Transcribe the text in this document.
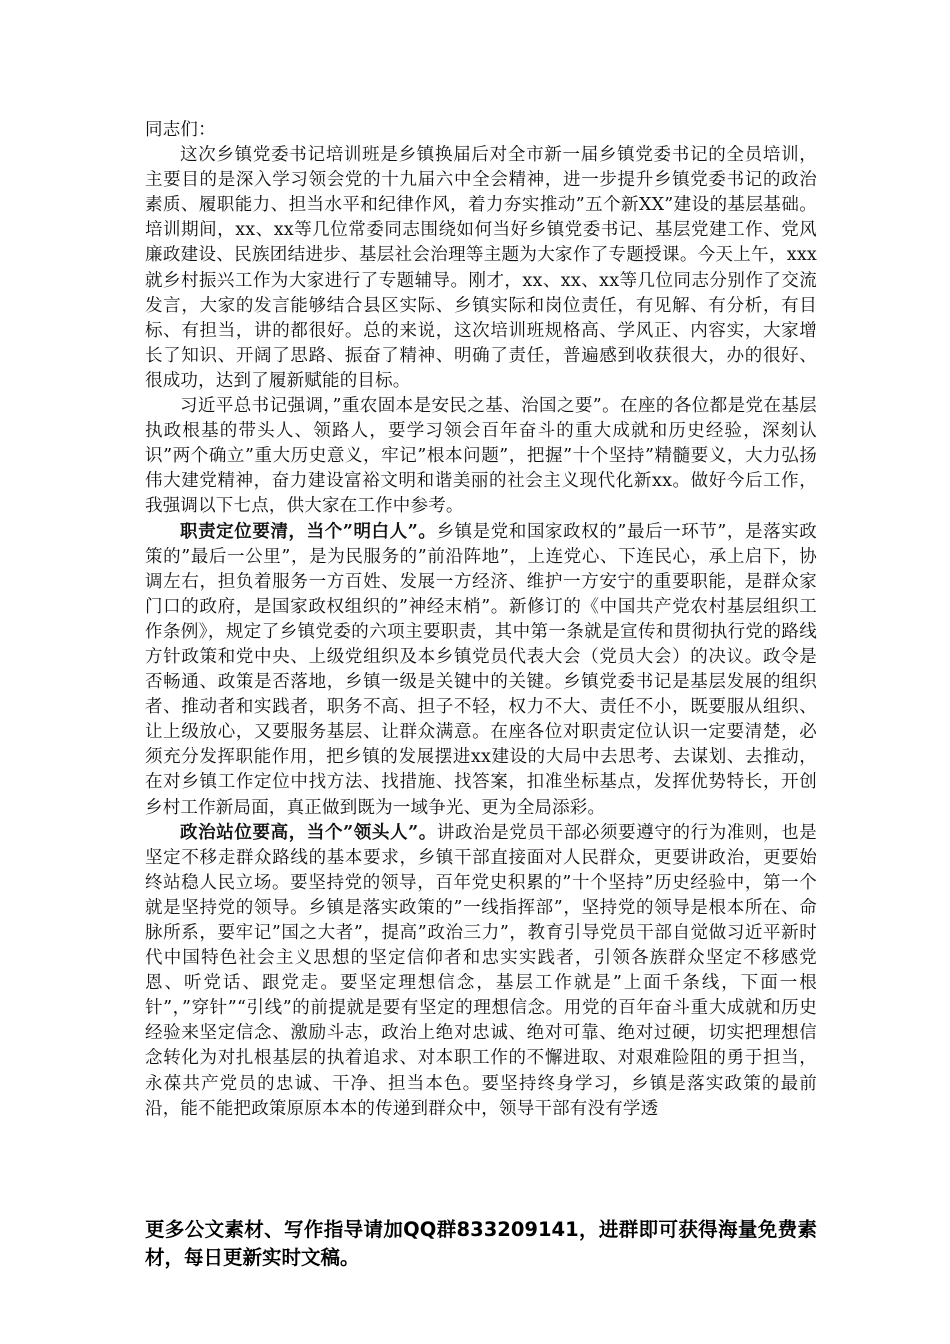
同志们：

这次乡镇党委书记培训班是乡镇换届后对全市新一届乡镇党委书记的全员培训，主要目的是深入学习领会党的十九届六中全会精神，进一步提升乡镇党委书记的政治素质、履职能力、担当水平和纪律作风，着力夯实推动”五个新XX”建设的基层基础。培训期间，xx、xx等几位常委同志围绕如何当好乡镇党委书记、基层党建工作、党风廉政建设、民族团结进步、基层社会治理等主题为大家作了专题授课。今天上午，xxx就乡村振兴工作为大家进行了专题辅导。刚才，xx、xx、xx等几位同志分别作了交流发言，大家的发言能够结合县区实际、乡镇实际和岗位责任，有见解、有分析，有目标、有担当，讲的都很好。总的来说，这次培训班规格高、学风正、内容实，大家增长了知识、开阔了思路、振奋了精神、明确了责任，普遍感到收获很大，办的很好、很成功，达到了履新赋能的目标。

习近平总书记强调，”重农固本是安民之基、治国之要”。在座的各位都是党在基层执政根基的带头人、领路人，要学习领会百年奋斗的重大成就和历史经验，深刻认识”两个确立”重大历史意义，牢记”根本问题”，把握”十个坚持”精髓要义，大力弘扬伟大建党精神，奋力建设富裕文明和谐美丽的社会主义现代化新xx。做好今后工作，我强调以下七点，供大家在工作中参考。

职责定位要清，当个”明白人”。乡镇是党和国家政权的”最后一环节”，是落实政策的”最后一公里”，是为民服务的”前沿阵地”，上连党心、下连民心，承上启下，协调左右，担负着服务一方百姓、发展一方经济、维护一方安宁的重要职能，是群众家门口的政府，是国家政权组织的”神经末梢”。新修订的《中国共产党农村基层组织工作条例》，规定了乡镇党委的六项主要职责，其中第一条就是宣传和贯彻执行党的路线方针政策和党中央、上级党组织及本乡镇党员代表大会（党员大会）的决议。政令是否畅通、政策是否落地，乡镇一级是关键中的关键。乡镇党委书记是基层发展的组织者、推动者和实践者，职务不高、担子不轻，权力不大、责任不小，既要服从组织、让上级放心，又要服务基层、让群众满意。在座各位对职责定位认识一定要清楚，必须充分发挥职能作用，把乡镇的发展摆进xx建设的大局中去思考、去谋划、去推动，在对乡镇工作定位中找方法、找措施、找答案，扣准坐标基点，发挥优势特长，开创乡村工作新局面，真正做到既为一域争光、更为全局添彩。

政治站位要高，当个”领头人”。讲政治是党员干部必须要遵守的行为准则，也是坚定不移走群众路线的基本要求，乡镇干部直接面对人民群众，更要讲政治，更要始终站稳人民立场。要坚持党的领导，百年党史积累的”十个坚持”历史经验中，第一个就是坚持党的领导。乡镇是落实政策的”一线指挥部”，坚持党的领导是根本所在、命脉所系，要牢记”国之大者”，提高”政治三力”，教育引导党员干部自觉做习近平新时代中国特色社会主义思想的坚定信仰者和忠实实践者，引领各族群众坚定不移感党恩、听党话、跟党走。要坚定理想信念，基层工作就是”上面千条线，下面一根针”，”穿针”“引线”的前提就是要有坚定的理想信念。用党的百年奋斗重大成就和历史经验来坚定信念、激励斗志，政治上绝对忠诚、绝对可靠、绝对过硬，切实把理想信念转化为对扎根基层的执着追求、对本职工作的不懈进取、对艰难险阻的勇于担当，永葆共产党员的忠诚、干净、担当本色。要坚持终身学习，乡镇是落实政策的最前沿，能不能把政策原原本本的传递到群众中，领导干部有没有学透

更多公文素材、写作指导请加QQ群833209141，进群即可获得海量免费素材，每日更新实时文稿。
